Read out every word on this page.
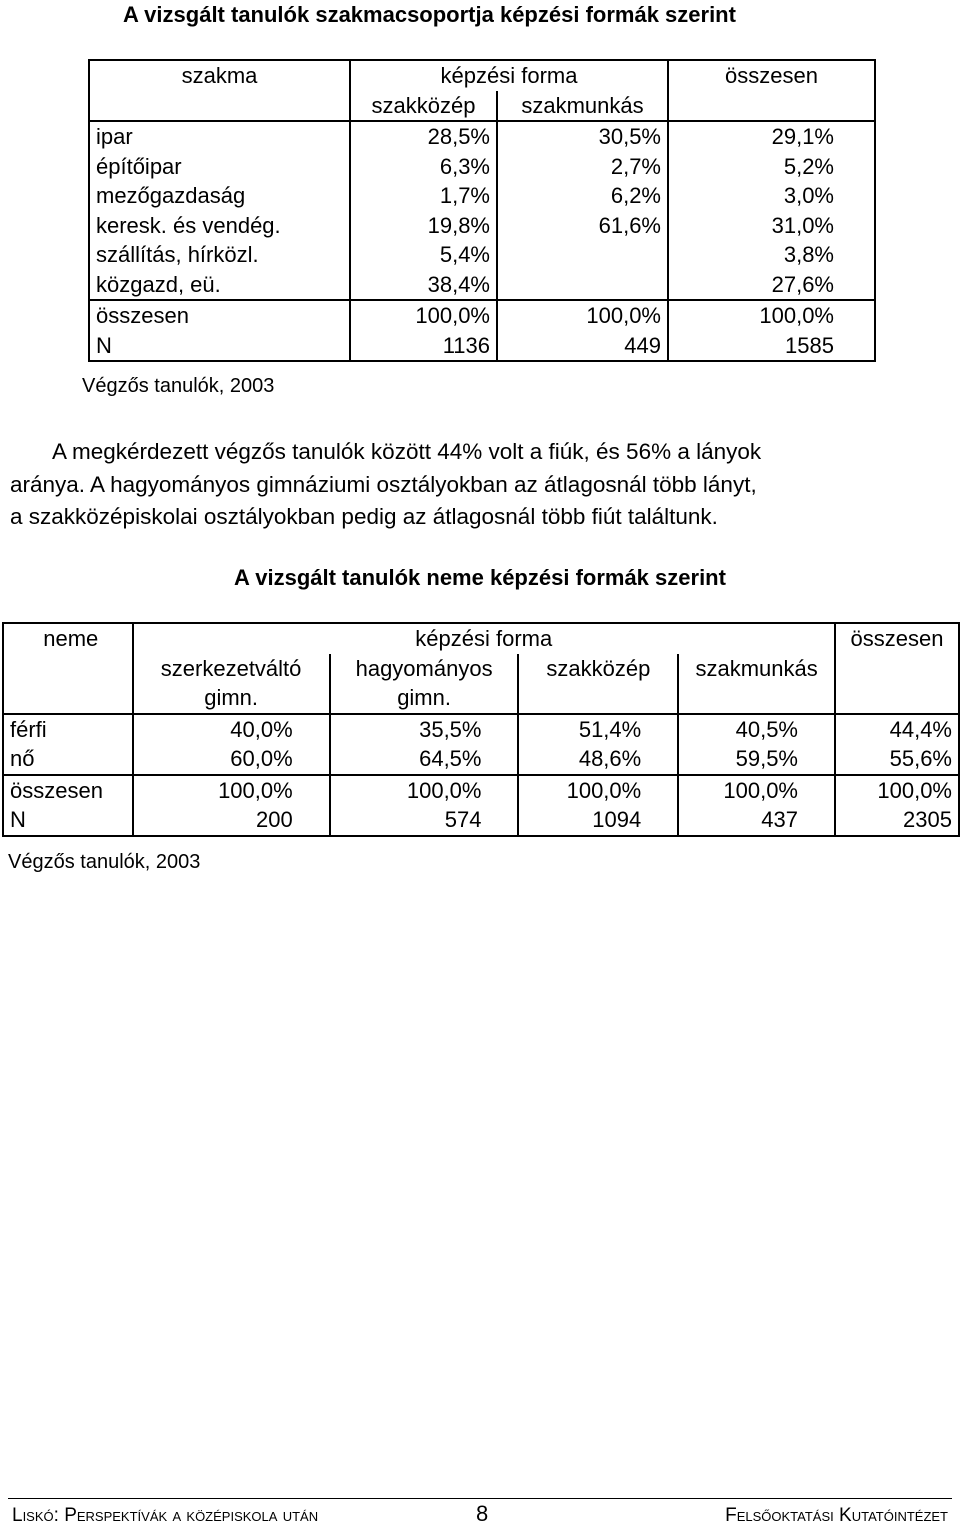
A vizsgált tanulók szakmacsoportja képzési formák szerint
szakma	képzési forma		összesen
	szakközép	szakmunkás	
ipar	28,5%	30,5%	29,1%
építőipar	6,3%	2,7%	5,2%
mezőgazdaság	1,7%	6,2%	3,0%
keresk. és vendég.	19,8%	61,6%	31,0%
szállítás, hírközl.	5,4%		3,8%
közgazd, eü.	38,4%		27,6%
összesen	100,0%	100,0%	100,0%
N	1136	449	1585
Végzős tanulók, 2003
A megkérdezett végzős tanulók között 44% volt a fiúk, és 56% a lányok
aránya. A hagyományos gimnáziumi osztályokban az átlagosnál több lányt,
a szakközépiskolai osztályokban pedig az átlagosnál több fiút találtunk.
A vizsgált tanulók neme képzési formák szerint
neme	képzési forma				összesen
	szerkezetváltó	hagyományos	szakközép	szakmunkás	
	gimn.	gimn.			
férfi	40,0%	35,5%	51,4%	40,5%	44,4%
nő	60,0%	64,5%	48,6%	59,5%	55,6%
összesen	100,0%	100,0%	100,0%	100,0%	100,0%
N	200	574	1094	437	2305
Végzős tanulók, 2003
Liskó: Perspektívák a középiskola után	8	Felsőoktatási Kutatóintézet
